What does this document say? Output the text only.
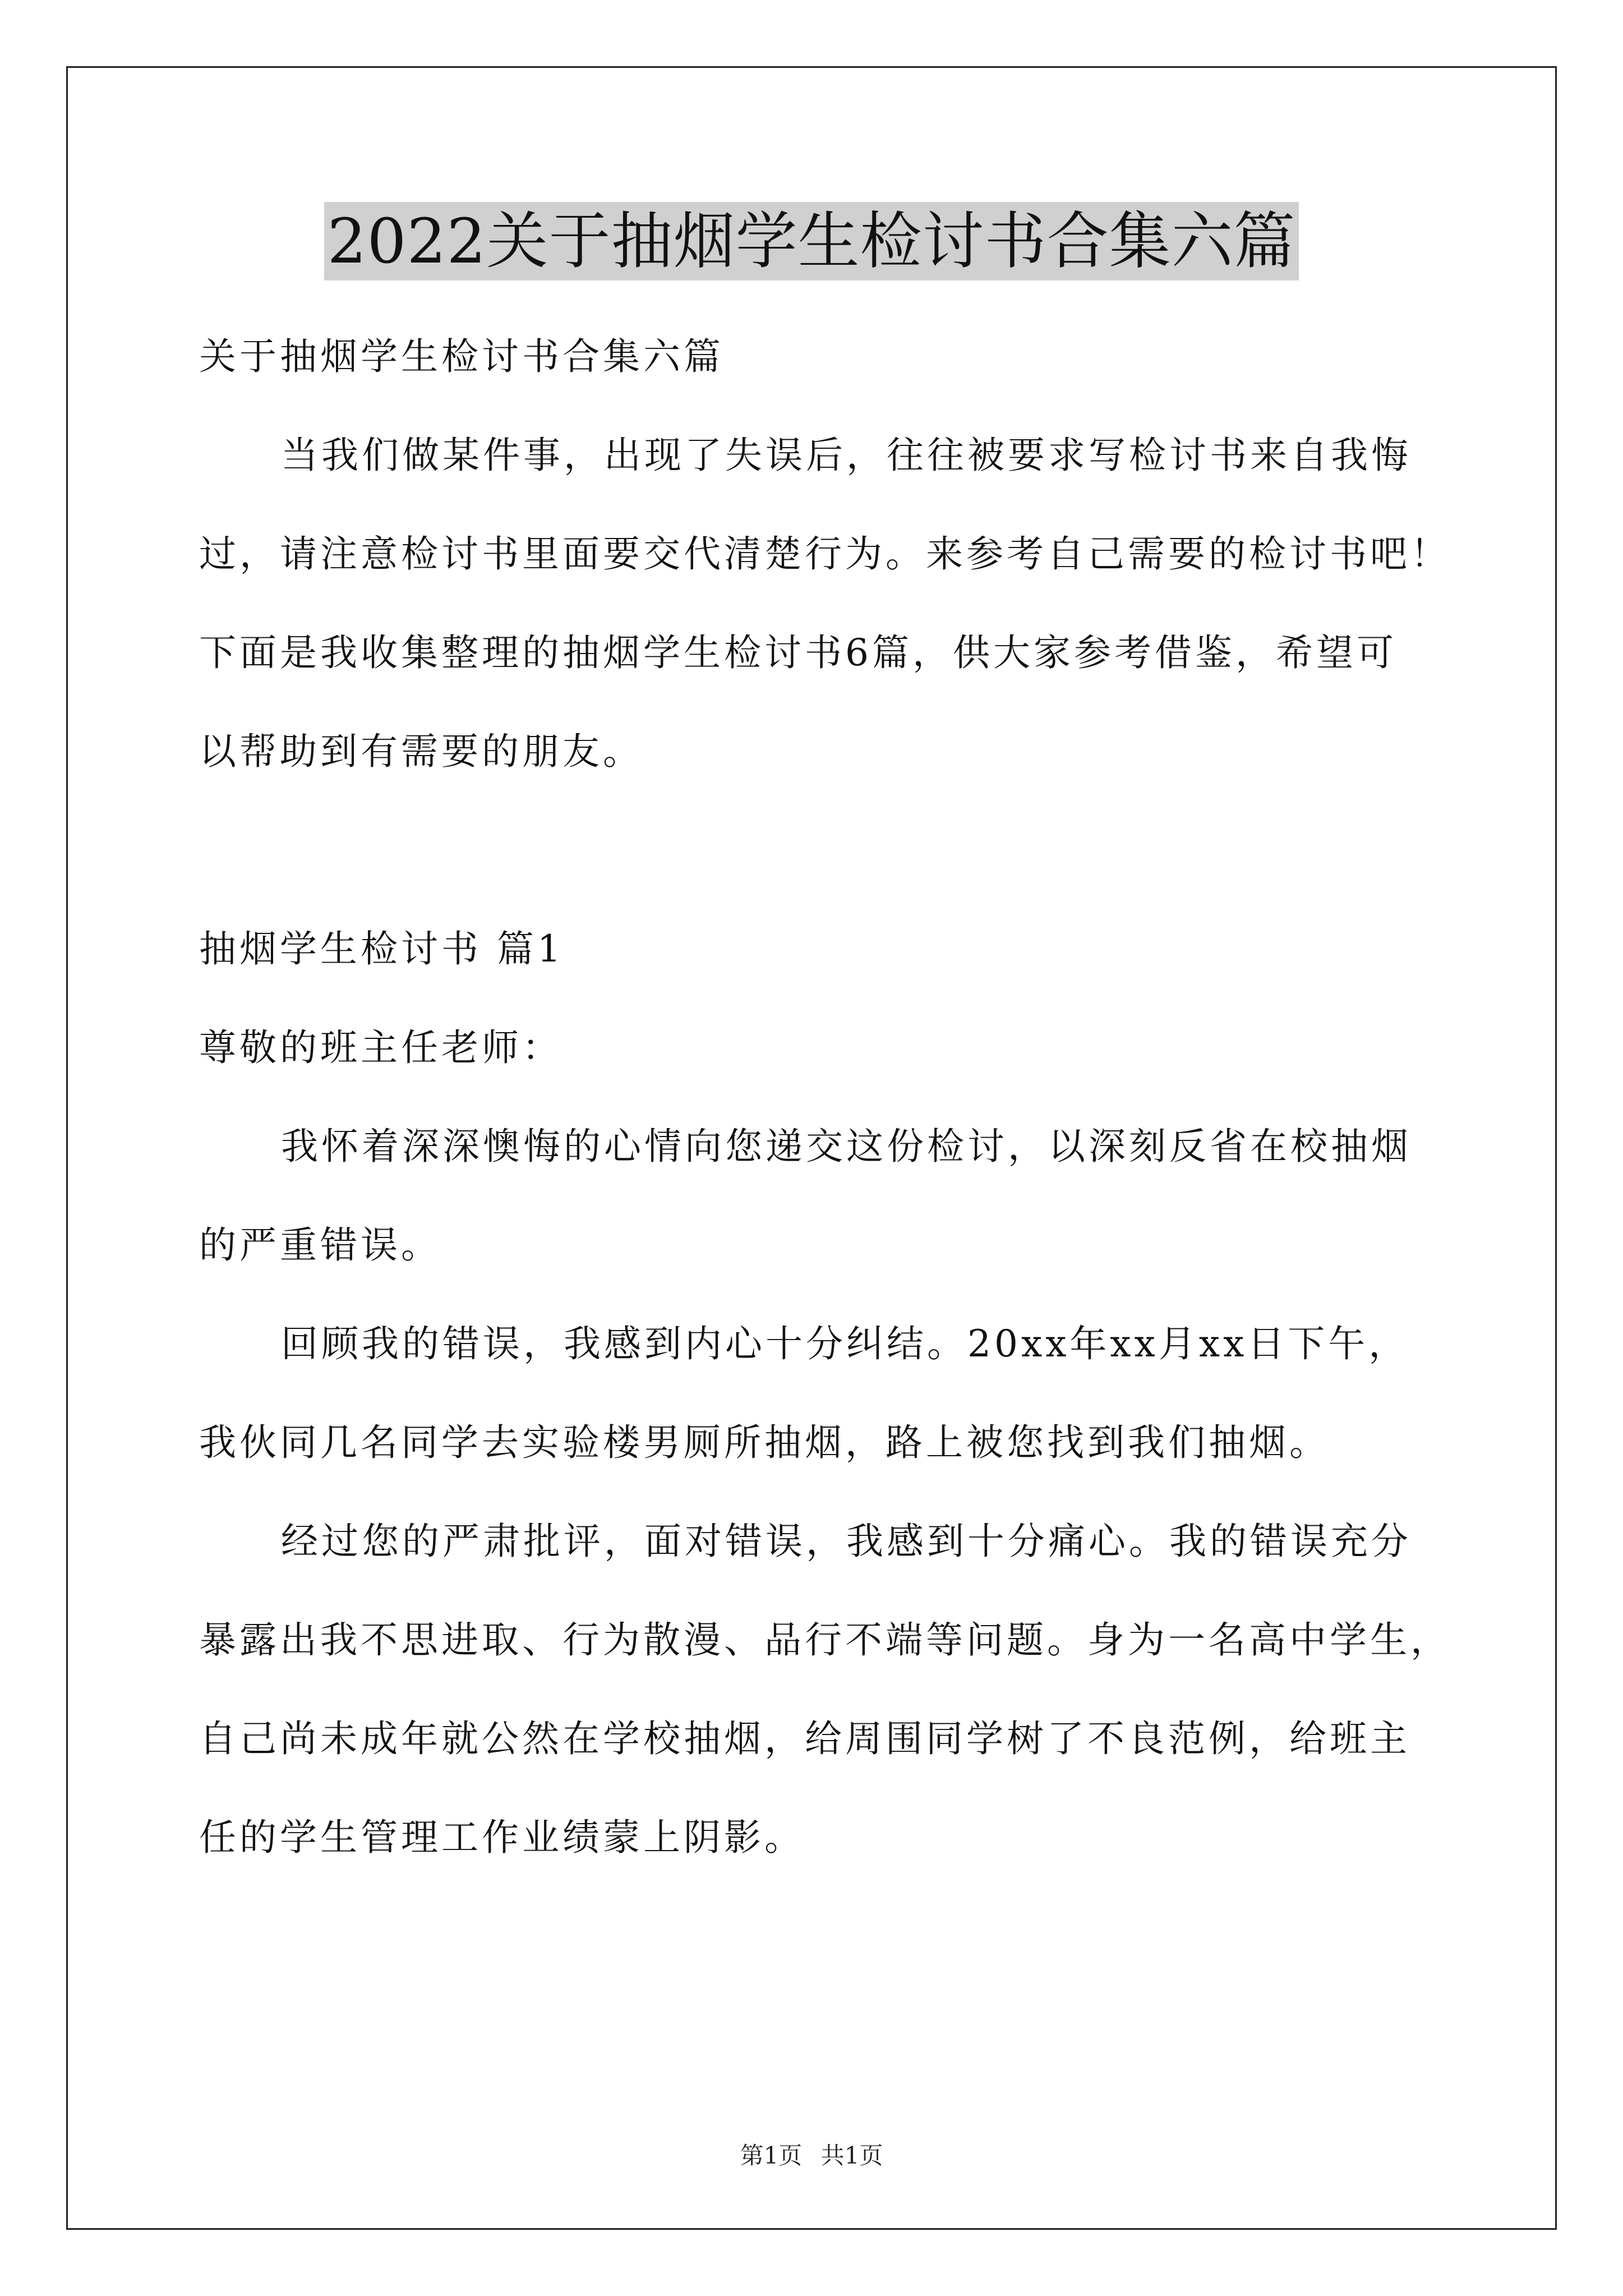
2022关于抽烟学生检讨书合集六篇

关于抽烟学生检讨书合集六篇

当我们做某件事，出现了失误后，往往被要求写检讨书来自我悔

过，请注意检讨书里面要交代清楚行为。来参考自己需要的检讨书吧！

下面是我收集整理的抽烟学生检讨书6篇，供大家参考借鉴，希望可

以帮助到有需要的朋友。

抽烟学生检讨书 篇1

尊敬的班主任老师：

我怀着深深懊悔的心情向您递交这份检讨，以深刻反省在校抽烟

的严重错误。

回顾我的错误，我感到内心十分纠结。20xx年xx月xx日下午，

我伙同几名同学去实验楼男厕所抽烟，路上被您找到我们抽烟。

经过您的严肃批评，面对错误，我感到十分痛心。我的错误充分

暴露出我不思进取、行为散漫、品行不端等问题。身为一名高中学生，

自己尚未成年就公然在学校抽烟，给周围同学树了不良范例，给班主

任的学生管理工作业绩蒙上阴影。

第1页 共1页
